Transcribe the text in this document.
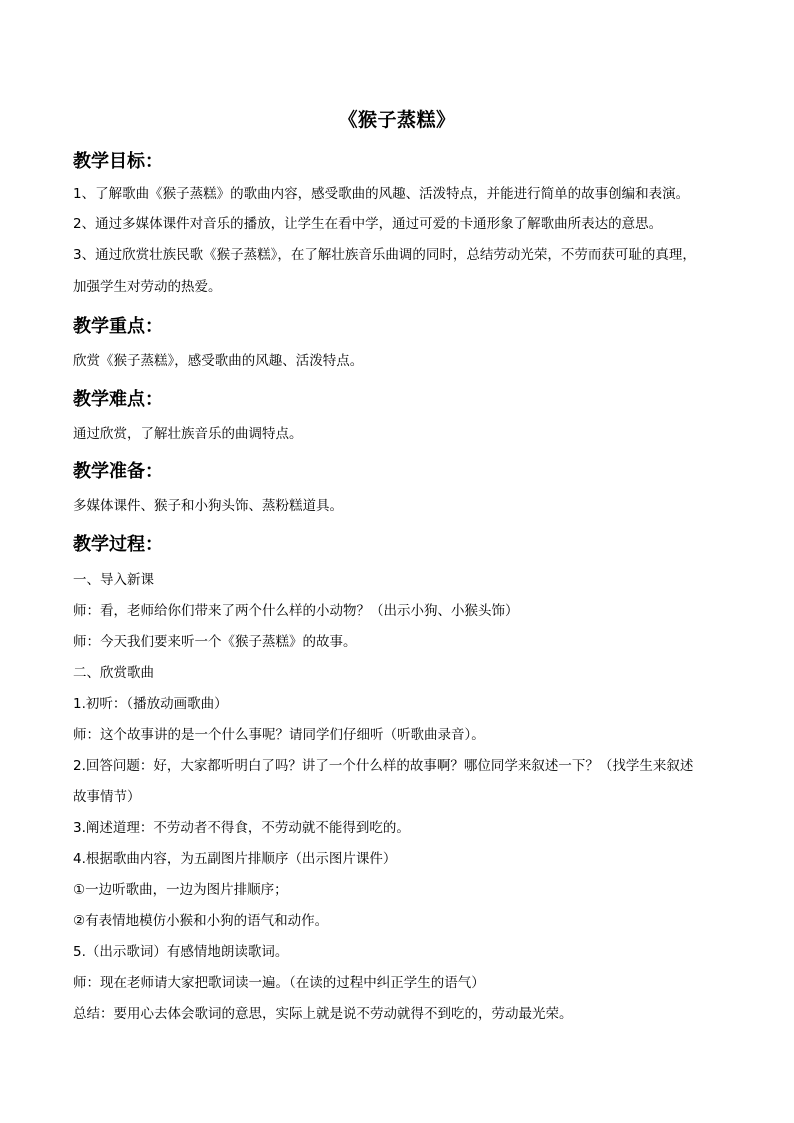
《猴子蒸糕》
教学目标：
1、了解歌曲《猴子蒸糕》的歌曲内容，感受歌曲的风趣、活泼特点，并能进行简单的故事创编和表演。
2、通过多媒体课件对音乐的播放，让学生在看中学，通过可爱的卡通形象了解歌曲所表达的意思。
3、通过欣赏壮族民歌《猴子蒸糕》，在了解壮族音乐曲调的同时，总结劳动光荣，不劳而获可耻的真理，
加强学生对劳动的热爱。
教学重点：
欣赏《猴子蒸糕》，感受歌曲的风趣、活泼特点。
教学难点：
通过欣赏，了解壮族音乐的曲调特点。
教学准备：
多媒体课件、猴子和小狗头饰、蒸粉糕道具。
教学过程：
一、导入新课
师：看，老师给你们带来了两个什么样的小动物？（出示小狗、小猴头饰）
师：今天我们要来听一个《猴子蒸糕》的故事。
二、欣赏歌曲
1.初听：（播放动画歌曲）
师：这个故事讲的是一个什么事呢？请同学们仔细听（听歌曲录音）。
2.回答问题：好，大家都听明白了吗？讲了一个什么样的故事啊？哪位同学来叙述一下？（找学生来叙述
故事情节）
3.阐述道理：不劳动者不得食，不劳动就不能得到吃的。
4.根据歌曲内容，为五副图片排顺序（出示图片课件）
①一边听歌曲，一边为图片排顺序；
②有表情地模仿小猴和小狗的语气和动作。
5.（出示歌词）有感情地朗读歌词。
师：现在老师请大家把歌词读一遍。（在读的过程中纠正学生的语气）
总结：要用心去体会歌词的意思，实际上就是说不劳动就得不到吃的，劳动最光荣。
